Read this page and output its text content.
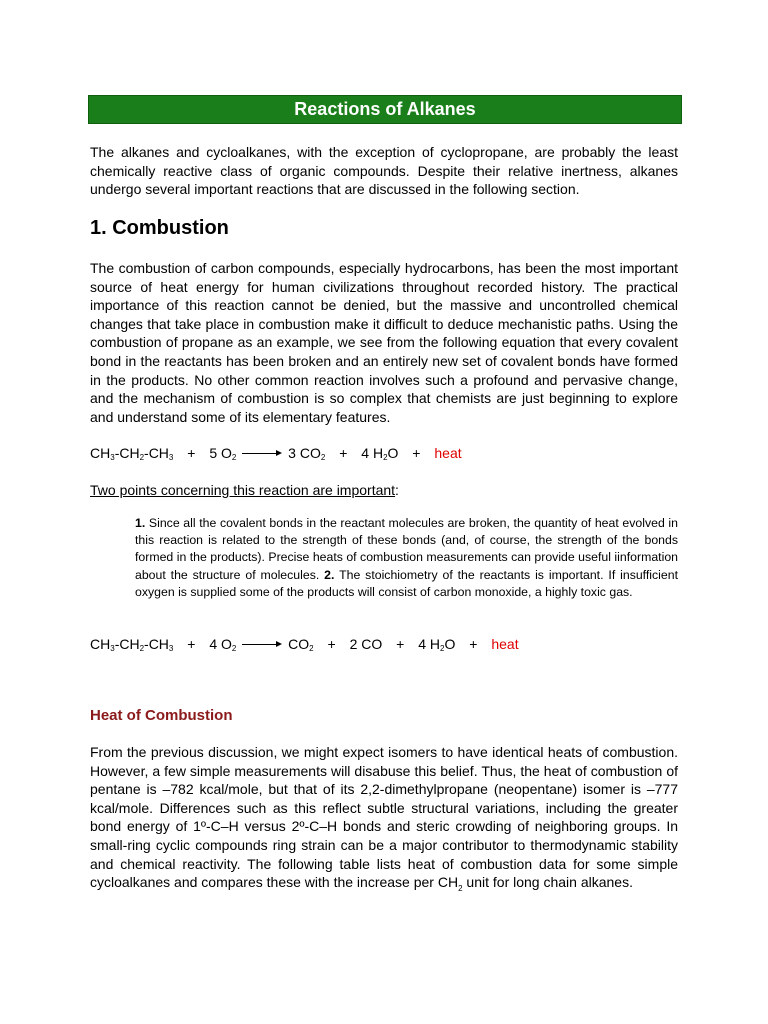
Reactions of Alkanes

The alkanes and cycloalkanes, with the exception of cyclopropane, are probably the least chemically reactive class of organic compounds. Despite their relative inertness, alkanes undergo several important reactions that are discussed in the following section.

1. Combustion

The combustion of carbon compounds, especially hydrocarbons, has been the most important source of heat energy for human civilizations throughout recorded history. The practical importance of this reaction cannot be denied, but the massive and uncontrolled chemical changes that take place in combustion make it difficult to deduce mechanistic paths. Using the combustion of propane as an example, we see from the following equation that every covalent bond in the reactants has been broken and an entirely new set of covalent bonds have formed in the products. No other common reaction involves such a profound and pervasive change, and the mechanism of combustion is so complex that chemists are just beginning to explore and understand some of its elementary features.

$CH_3-CH_2-CH_3 + 5$ $O_2$	3 $CO_2 + 4$ $H_2O$ + heat

Two points concerning this reaction are important:

1. Since all the covalent bonds in the reactant molecules are broken, the quantity of heat evolved in this reaction is related to the strength of these bonds (and, of course, the strength of the bonds formed in the products). Precise heats of combustion measurements can provide useful iinformation about the structure of molecules. 2. The stoichiometry of the reactants is important. If insufficient oxygen is supplied some of the products will consist of carbon monoxide, a highly toxic gas.

$CH_3-CH_2-CH_3 + 4$ $O_2$	$CO_2 + 2$ CO + 4 $H_2O$ + heat
Heat of Combustion

From the previous discussion, we might expect isomers to have identical heats of combustion. However, a few simple measurements will disabuse this belief. Thus, the heat of combustion of pentane is –782 kcal/mole, but that of its 2,2-dimethylpropane (neopentane) isomer is –777 kcal/mole. Differences such as this reflect subtle structural variations, including the greater bond energy of 1º-C–H versus 2º-C–H bonds and steric crowding of neighboring groups. In small-ring cyclic compounds ring strain can be a major contributor to thermodynamic stability and chemical reactivity. The following table lists heat of combustion data for some simple cycloalkanes and compares these with the increase per $CH_2$ unit for long chain alkanes.
